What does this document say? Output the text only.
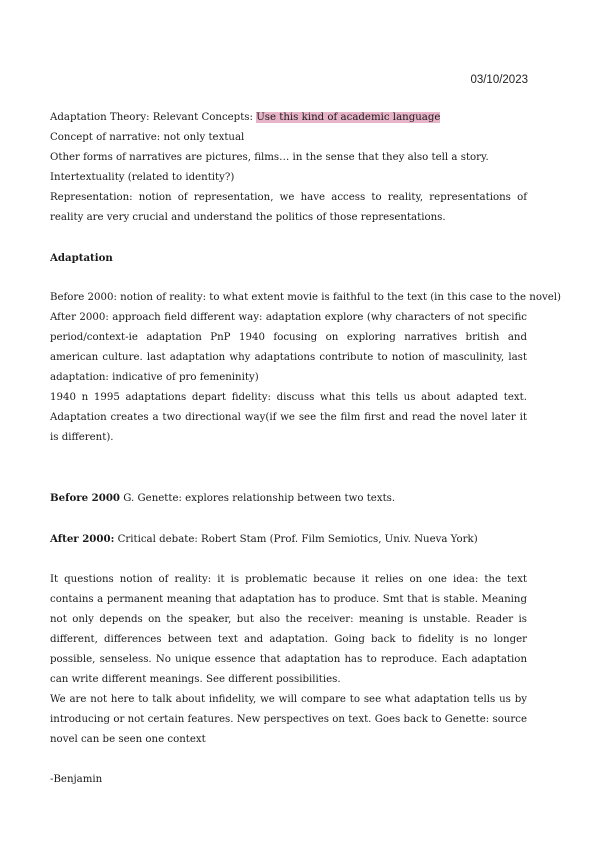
03/10/2023
Adaptation Theory: Relevant Concepts: Use this kind of academic language
Concept of narrative: not only textual
Other forms of narratives are pictures, films… in the sense that they also tell a story.
Intertextuality (related to identity?)
Representation: notion of representation, we have access to reality, representations of reality are very crucial and understand the politics of those representations.
Adaptation
Before 2000: notion of reality: to what extent movie is faithful to the text (in this case to the novel)
After 2000: approach field different way: adaptation explore (why characters of not specific period/context-ie adaptation PnP 1940 focusing on exploring narratives british and american culture. last adaptation why adaptations contribute to notion of masculinity, last adaptation: indicative of pro femeninity)
1940 n 1995 adaptations depart fidelity: discuss what this tells us about adapted text. Adaptation creates a two directional way(if we see the film first and read the novel later it is different).
Before 2000 G. Genette: explores relationship between two texts.
After 2000: Critical debate: Robert Stam (Prof. Film Semiotics, Univ. Nueva York)
It questions notion of reality: it is problematic because it relies on one idea: the text contains a permanent meaning that adaptation has to produce. Smt that is stable. Meaning not only depends on the speaker, but also the receiver: meaning is unstable. Reader is different, differences between text and adaptation. Going back to fidelity is no longer possible, senseless. No unique essence that adaptation has to reproduce. Each adaptation can write different meanings. See different possibilities.
We are not here to talk about infidelity, we will compare to see what adaptation tells us by introducing or not certain features. New perspectives on text. Goes back to Genette: source novel can be seen one context
-Benjamin
